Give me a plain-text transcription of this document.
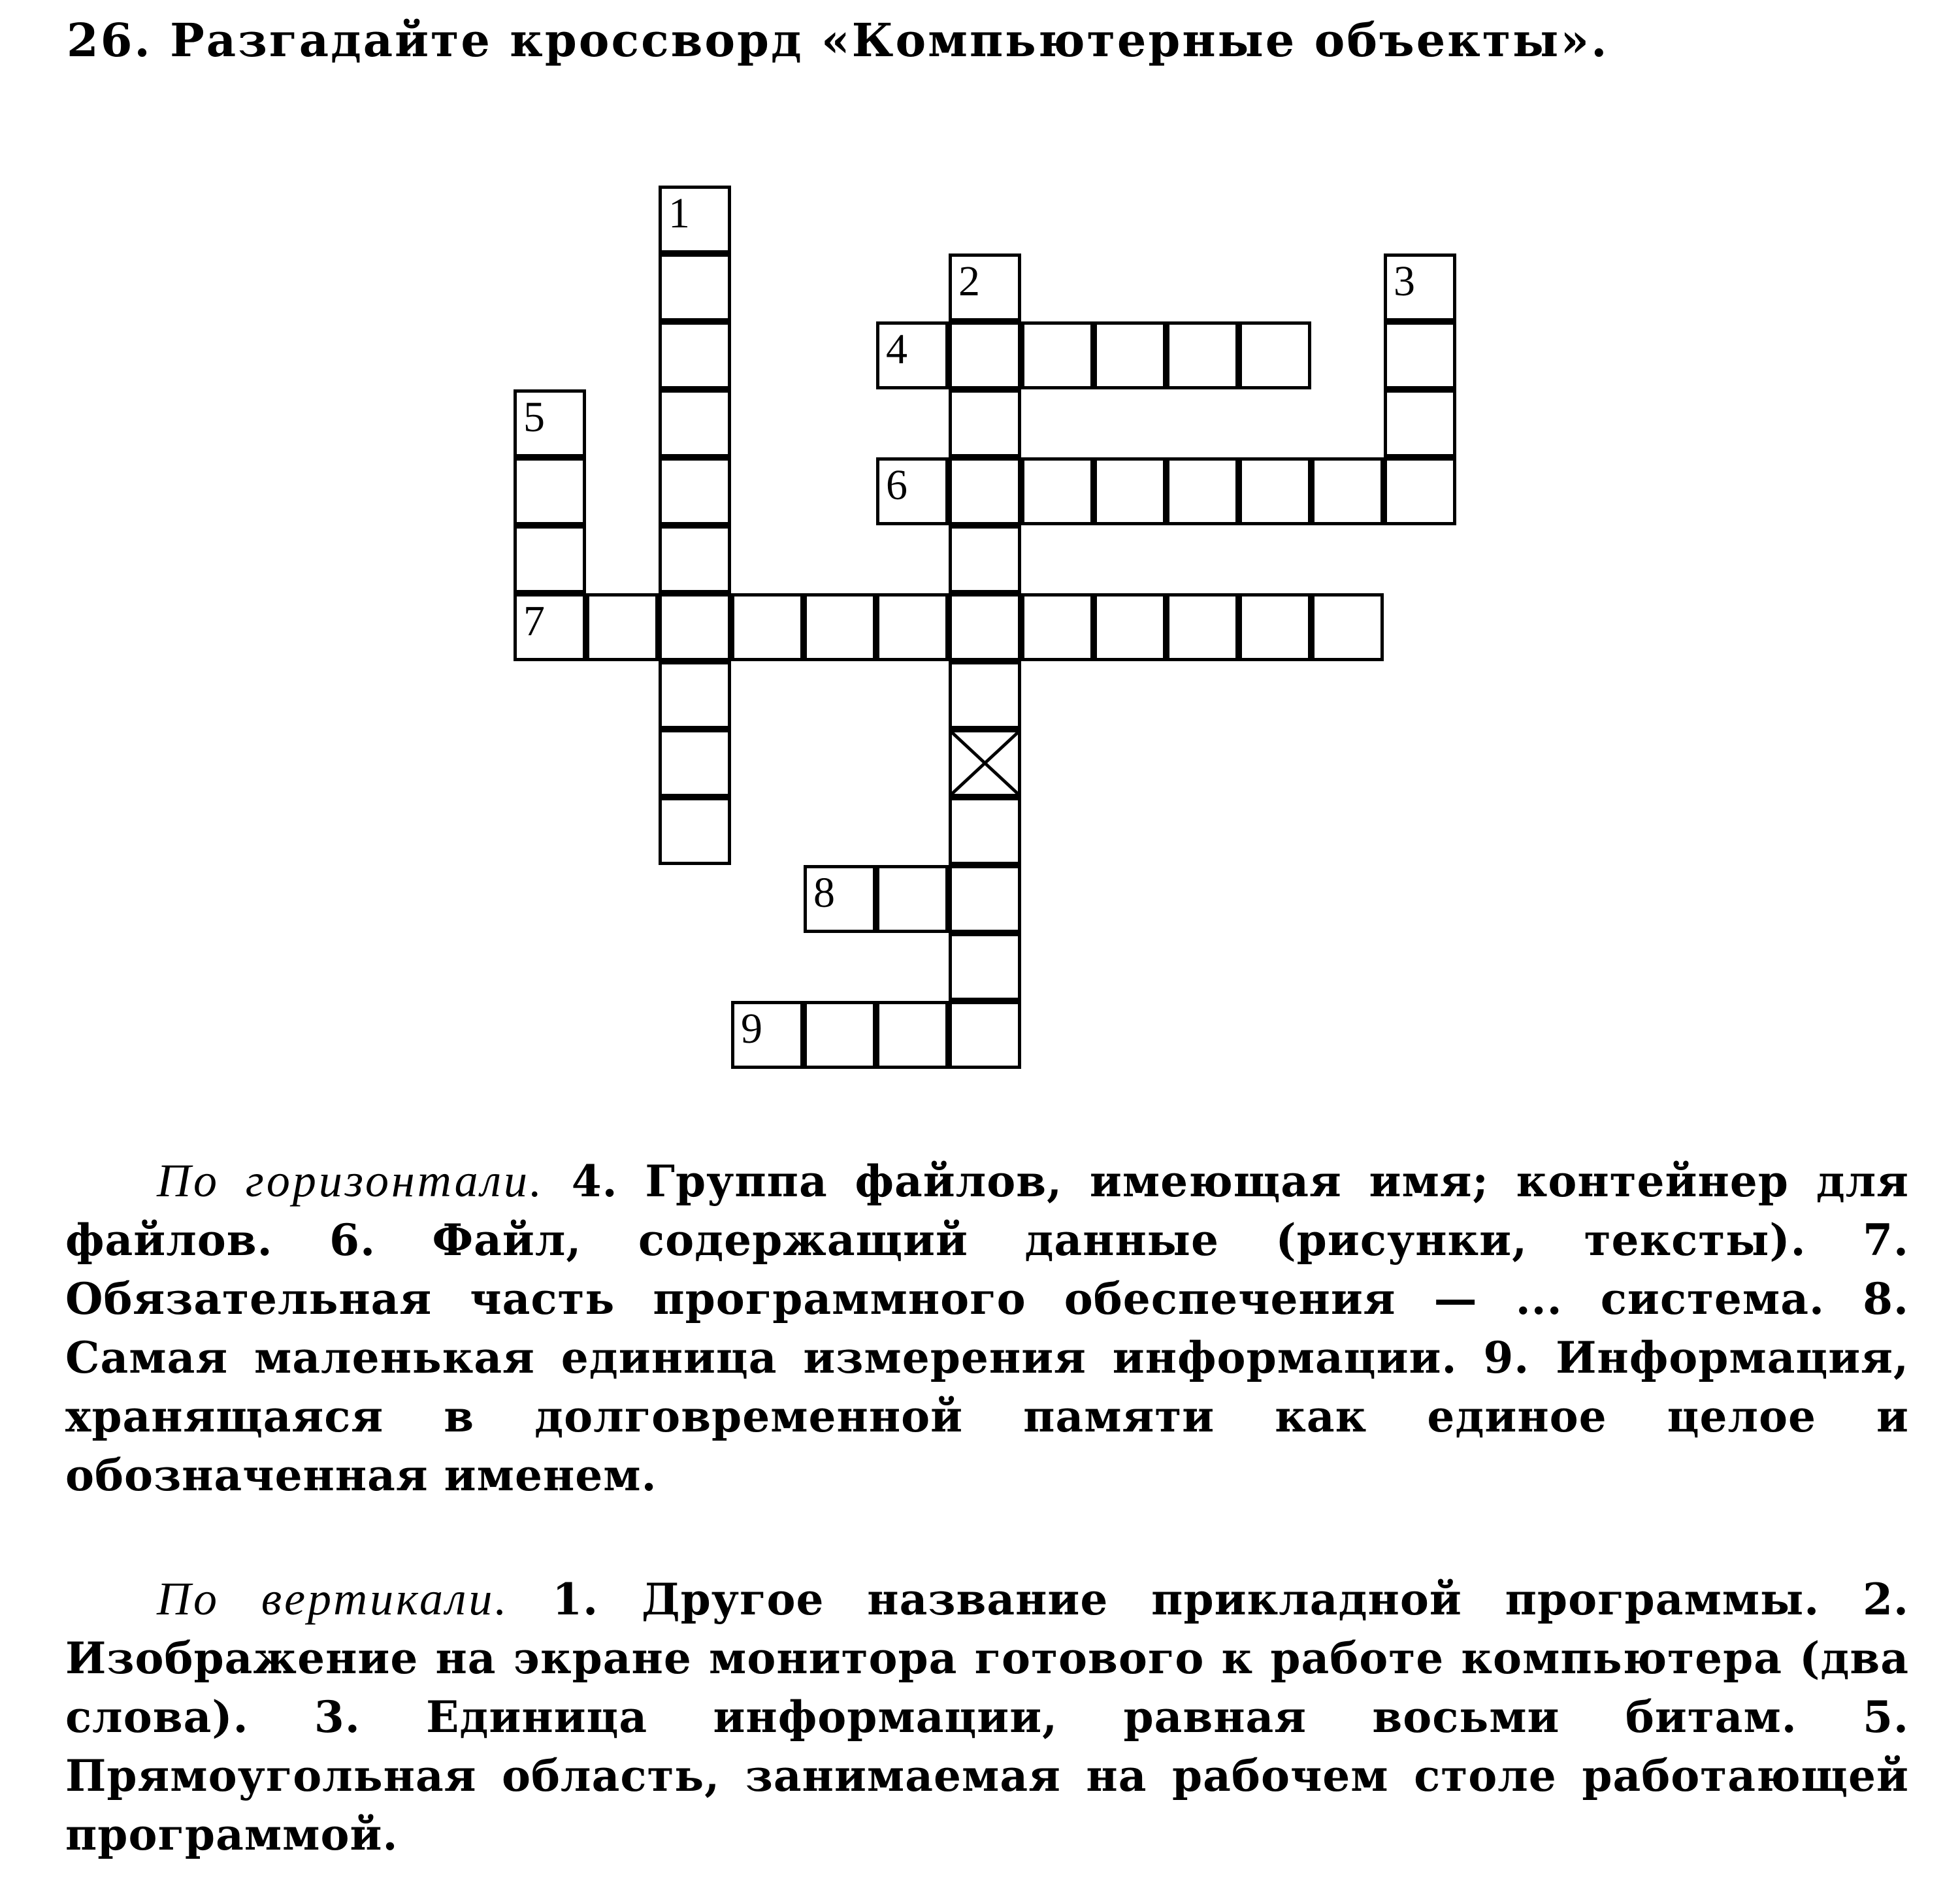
26. Разгадайте кроссворд «Компьютерные объекты».
1
2	3
4
5
7
6
8
9
По горизонтали. 4. Группа файлов, имеющая имя; контейнер для файлов. 6. Файл, содержащий данные (рисунки, тексты). 7. Обязательная часть программного обеспечения — ... система. 8. Самая маленькая единица измерения информации. 9. Информация, хранящаяся в долговременной памяти как единое целое и обозначенная именем.
По вертикали. 1. Другое название прикладной программы. 2. Изображение на экране монитора готового к работе компьютера (два слова). 3. Единица информации, равная восьми битам. 5. Прямоугольная область, занимаемая на рабочем столе работающей программой.
